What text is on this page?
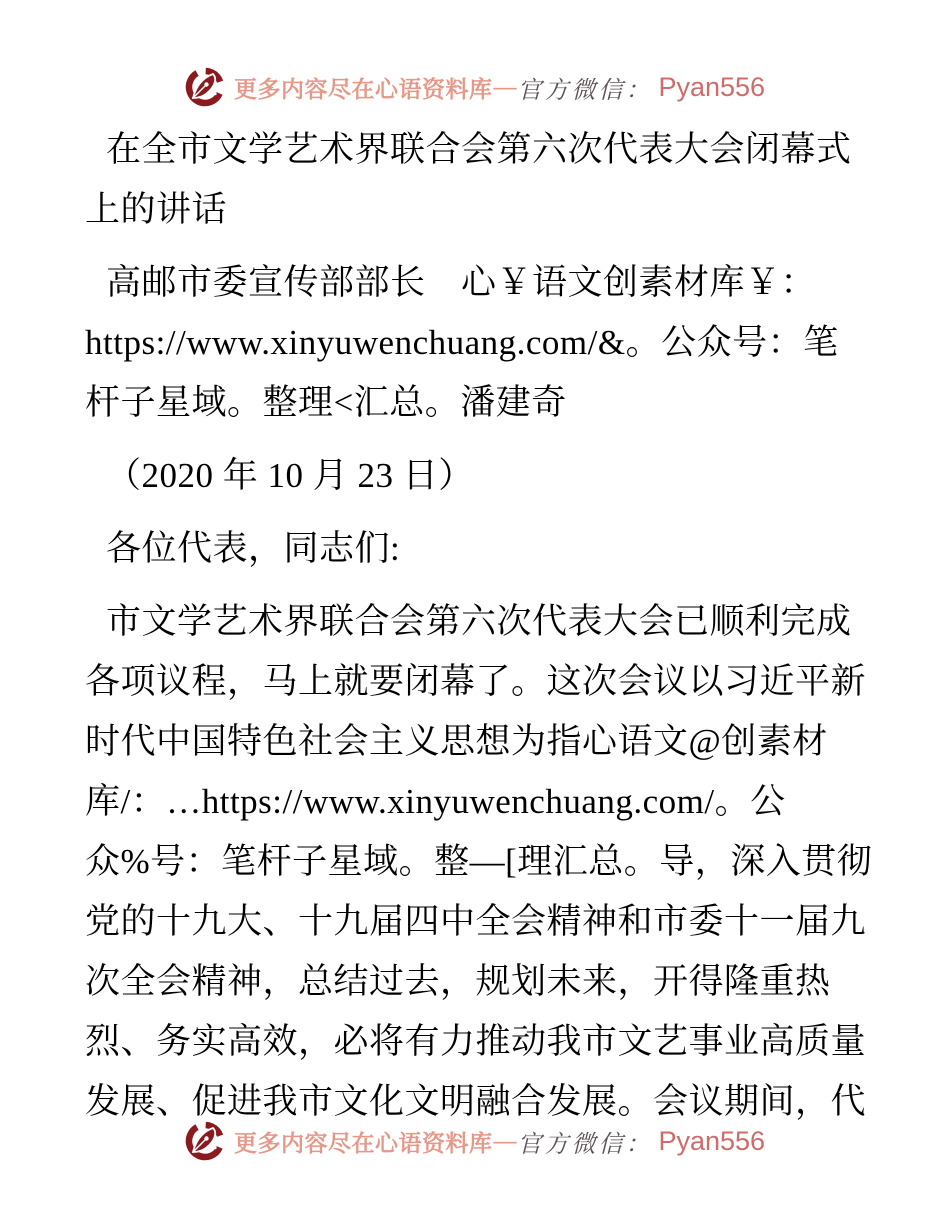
更多内容尽在心语资料库 — 官方微信： Pyan556
在全市文学艺术界联合会第六次代表大会闭幕式
上的讲话
高邮市委宣传部部长　心￥语文创素材库￥：
https://www.xinyuwenchuang.com/&。公众号：笔
杆子星域。整理<汇总。潘建奇
（2020 年 10 月 23 日）
各位代表，同志们:
市文学艺术界联合会第六次代表大会已顺利完成
各项议程，马上就要闭幕了。这次会议以习近平新
时代中国特色社会主义思想为指心语文@创素材
库/：…https://www.xinyuwenchuang.com/。公
众%号：笔杆子星域。整—[理汇总。导，深入贯彻
党的十九大、十九届四中全会精神和市委十一届九
次全会精神，总结过去，规划未来，开得隆重热
烈、务实高效，必将有力推动我市文艺事业高质量
发展、促进我市文化文明融合发展。会议期间，代
更多内容尽在心语资料库 — 官方微信： Pyan556
